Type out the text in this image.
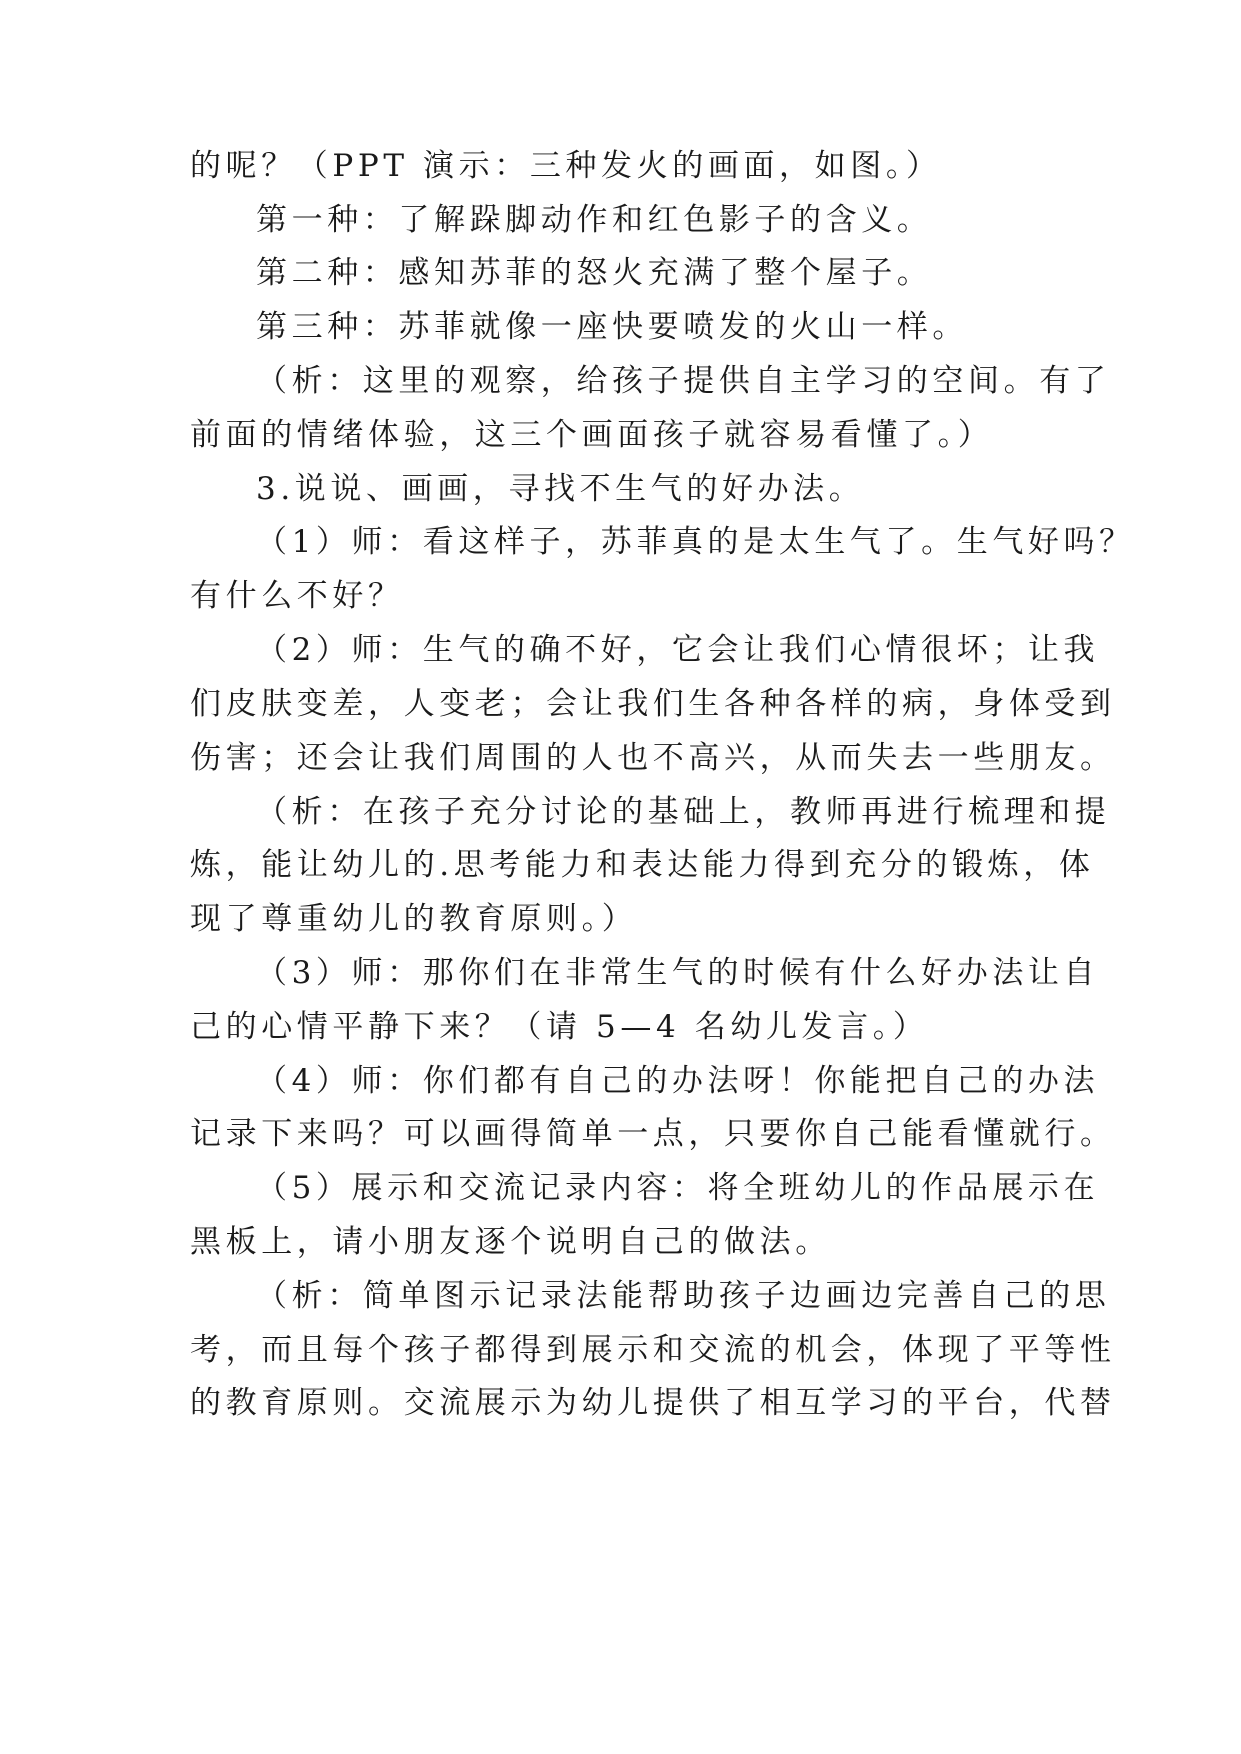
的呢？（PPT 演示：三种发火的画面，如图。）
第一种：了解跺脚动作和红色影子的含义。
第二种：感知苏菲的怒火充满了整个屋子。
第三种：苏菲就像一座快要喷发的火山一样。
（析：这里的观察，给孩子提供自主学习的空间。有了
前面的情绪体验，这三个画面孩子就容易看懂了。）
3.说说、画画，寻找不生气的好办法。
（1）师：看这样子，苏菲真的是太生气了。生气好吗？
有什么不好？
（2）师：生气的确不好，它会让我们心情很坏；让我
们皮肤变差，人变老；会让我们生各种各样的病，身体受到
伤害；还会让我们周围的人也不高兴，从而失去一些朋友。
（析：在孩子充分讨论的基础上，教师再进行梳理和提
炼，能让幼儿的.思考能力和表达能力得到充分的锻炼，体
现了尊重幼儿的教育原则。）
（3）师：那你们在非常生气的时候有什么好办法让自
己的心情平静下来？（请 5—4 名幼儿发言。）
（4）师：你们都有自己的办法呀！你能把自己的办法
记录下来吗？可以画得简单一点，只要你自己能看懂就行。
（5）展示和交流记录内容：将全班幼儿的作品展示在
黑板上，请小朋友逐个说明自己的做法。
（析：简单图示记录法能帮助孩子边画边完善自己的思
考，而且每个孩子都得到展示和交流的机会，体现了平等性
的教育原则。交流展示为幼儿提供了相互学习的平台，代替
